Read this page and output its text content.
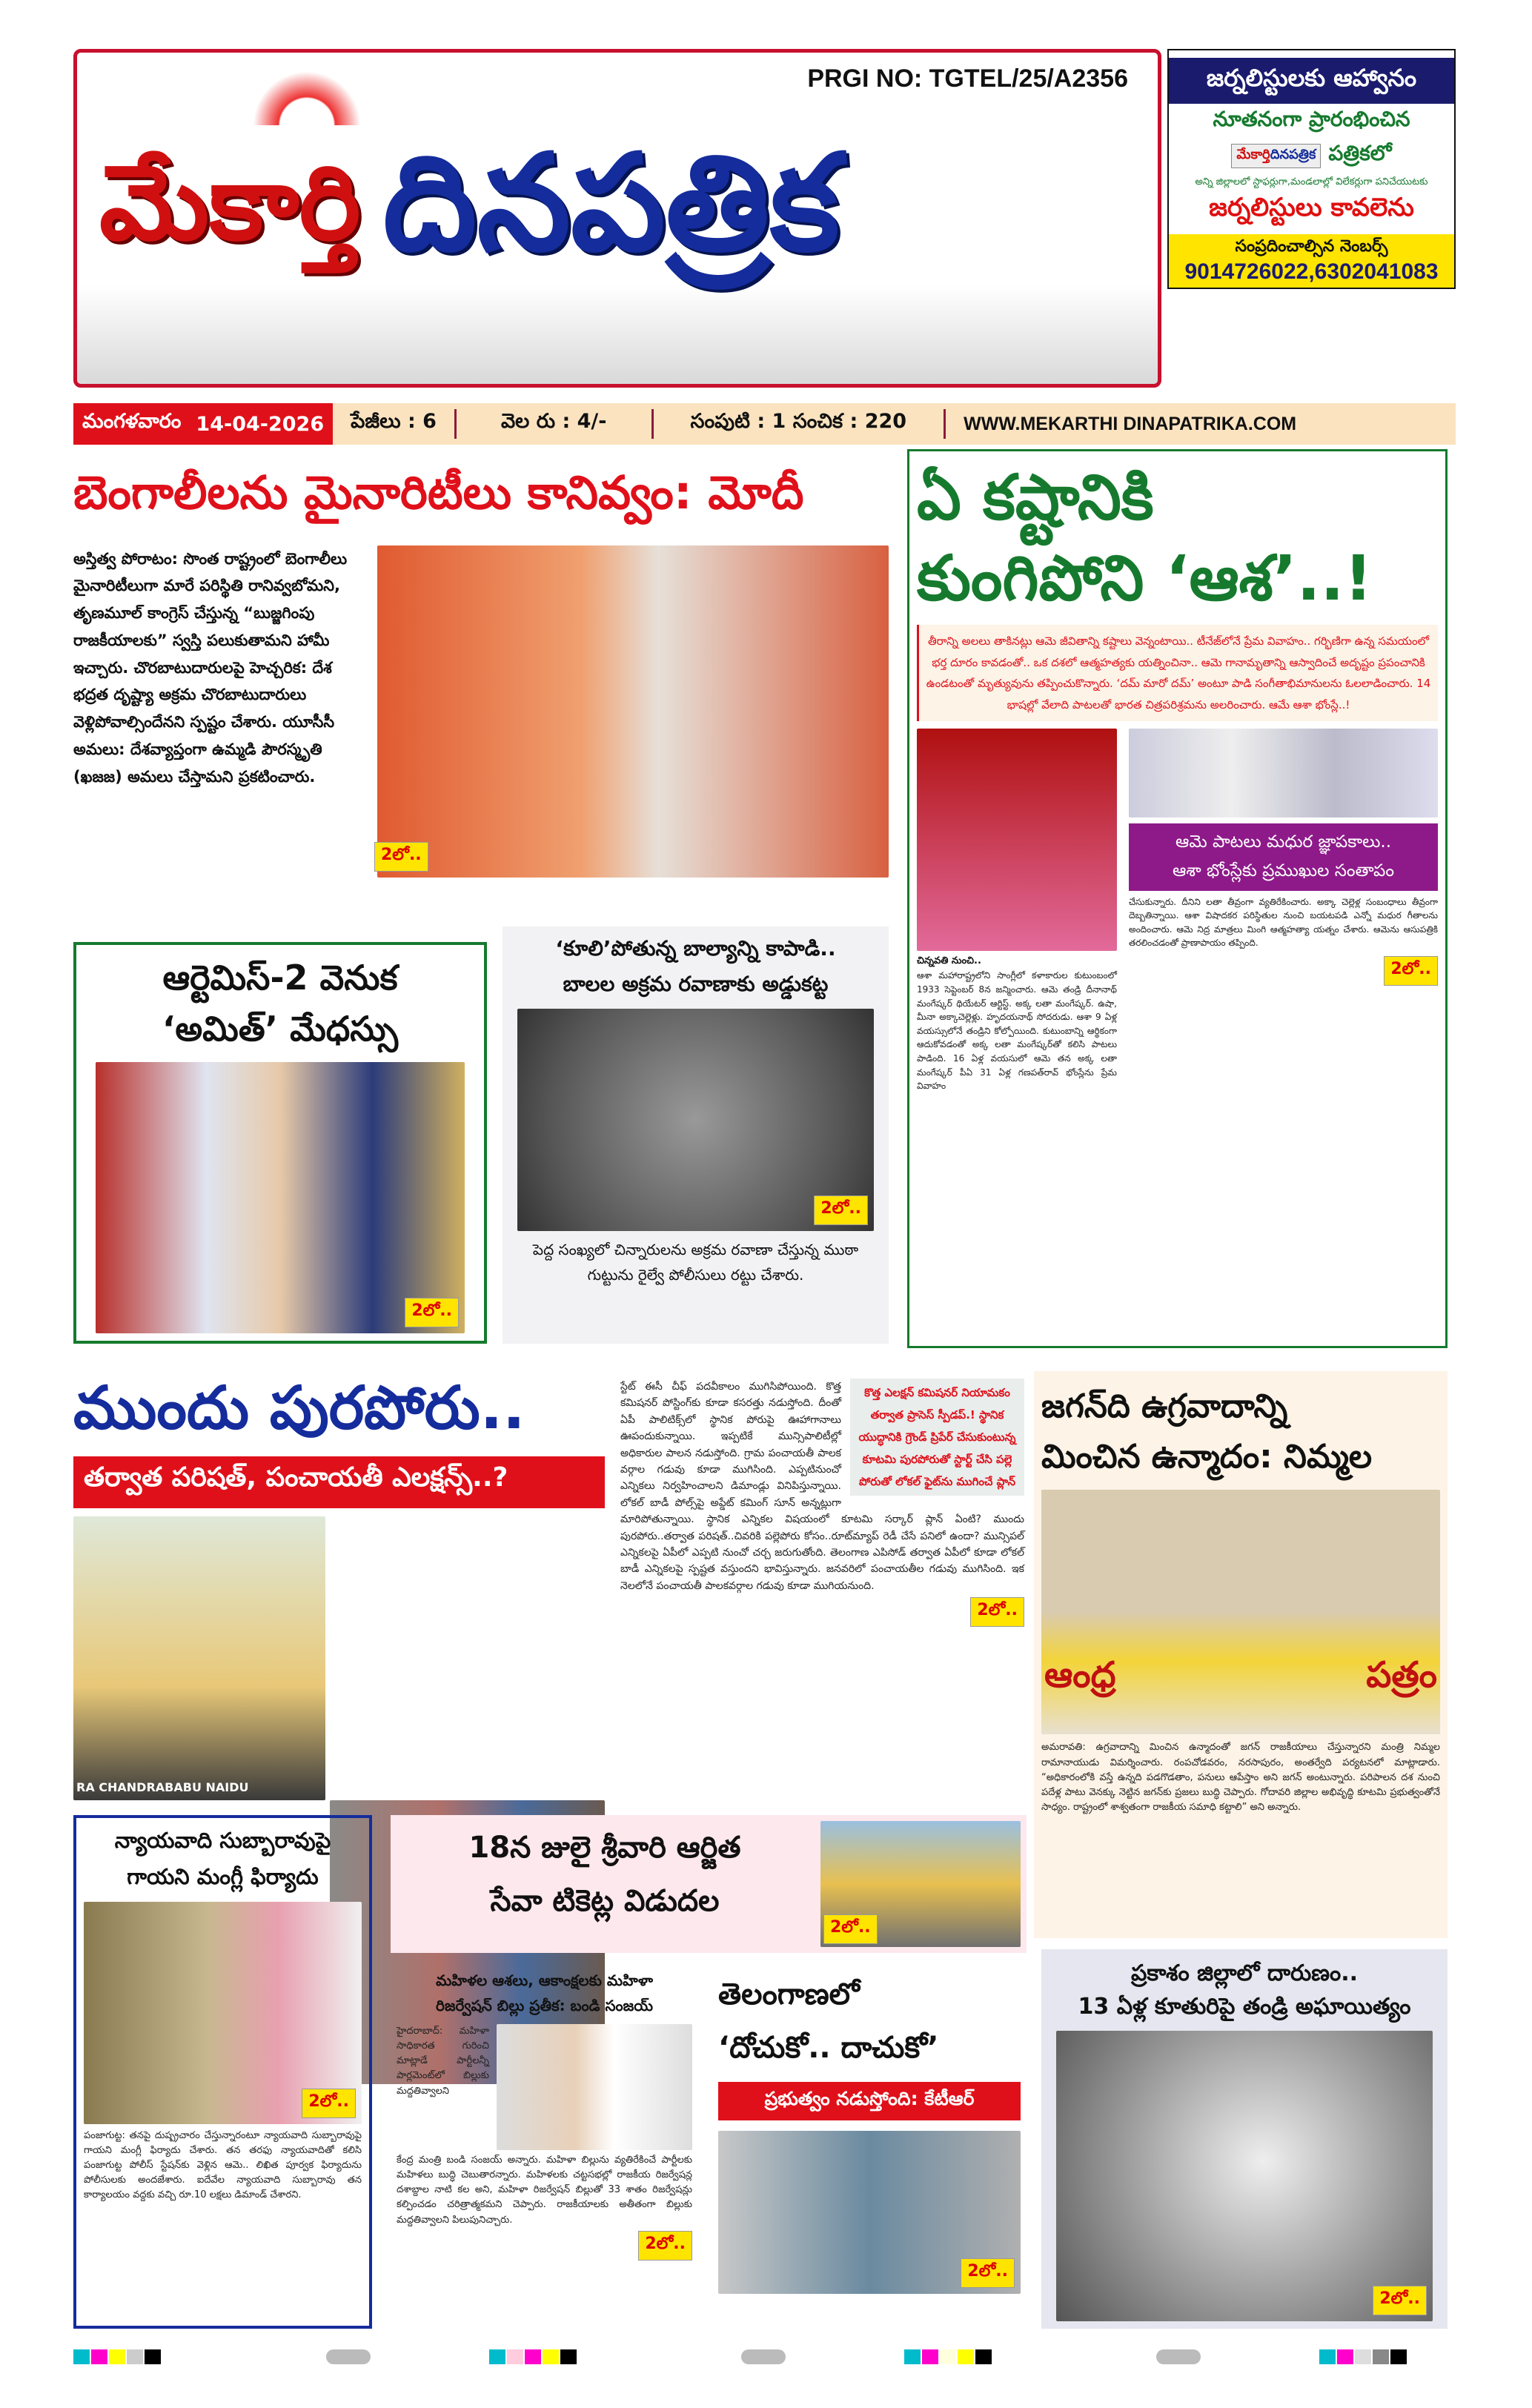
PRGI NO: TGTEL/25/A2356
మేకార్తి దినపత్రిక
జర్నలిస్టులకు ఆహ్వానం
నూతనంగా ప్రారంభించిన
మేకార్తిదినపత్రిక పత్రికలో
అన్ని జిల్లాలలో స్టాఫర్లుగా,మండలాల్లో విలేకర్లుగా పనిచేయుటకు
జర్నలిస్టులు కావలెను
సంప్రదించాల్సిన నెంబర్స్
9014726022,6302041083
మంగళవారం 14-04-2026	పేజీలు : 6	వెల రు : 4/-	సంపుటి : 1 సంచిక : 220	WWW.MEKARTHI DINAPATRIKA.COM
బెంగాలీలను మైనారిటీలు కానివ్వం: మోదీ
అస్తిత్వ పోరాటం: సొంత రాష్ట్రంలో బెంగాలీలు మైనారిటీలుగా మారే పరిస్థితి రానివ్వబోమని, తృణమూల్ కాంగ్రెస్ చేస్తున్న “బుజ్జగింపు రాజకీయాలకు” స్వస్తి పలుకుతామని హామీ ఇచ్చారు. చొరబాటుదారులపై హెచ్చరిక: దేశ భద్రత దృష్ట్యా అక్రమ చొరబాటుదారులు వెళ్లిపోవాల్సిందేనని స్పష్టం చేశారు. యూసీసీ అమలు: దేశవ్యాప్తంగా ఉమ్మడి పౌరస్మృతి (ఖజజ) అమలు చేస్తామని ప్రకటించారు.
2లో..
ఏ కష్టానికి
కుంగిపోని ‘ఆశ’..!
తీరాన్ని అలలు తాకినట్లు ఆమె జీవితాన్ని కష్టాలు వెన్నంటాయి.. టీనేజ్‌లోనే ప్రేమ వివాహం.. గర్భిణిగా ఉన్న సమయంలో భర్త దూరం కావడంతో.. ఒక దశలో ఆత్మహత్యకు యత్నించినా.. ఆమె గానామృతాన్ని ఆస్వాదించే అదృష్టం ప్రపంచానికి ఉండటంతో మృత్యువును తప్పించుకొన్నారు. ‘దమ్ మారో దమ్’ అంటూ పాడి సంగీతాభిమానులను ఓలలాడించారు. 14 భాషల్లో వేలాది పాటలతో భారత చిత్రపరిశ్రమను అలరించారు. ఆమే ఆశా భోంస్లే..!
చిన్నవతి నుంచి..
ఆశా మహారాష్ట్రలోని సాంగ్లీలో కళాకారుల కుటుంబంలో 1933 సెప్టెంబర్ 8న జన్మించారు. ఆమె తండ్రి దీనానాథ్ మంగేష్కర్ థియేటర్ ఆర్టిస్ట్. అక్క లతా మంగేష్కర్. ఉషా, మీనా అక్కాచెల్లెళ్లు. హృదయనాథ్ సోదరుడు. ఆశా 9 ఏళ్ల వయస్సులోనే తండ్రిని కోల్పోయింది. కుటుంబాన్ని ఆర్థికంగా ఆదుకోవడంతో అక్క లతా మంగేష్కర్‌తో కలిసి పాటలు పాడింది. 16 ఏళ్ల వయసులో ఆమె తన అక్క లతా మంగేష్కర్ పీఏ 31 ఏళ్ల గణపత్‌రావ్ భోంస్లేను ప్రేమ వివాహం
ఆమె పాటలు మధుర జ్ఞాపకాలు..
ఆశా భోంస్లేకు ప్రముఖుల సంతాపం
చేసుకున్నారు. దీనిని లతా తీవ్రంగా వ్యతిరేకించారు. అక్కా చెల్లెళ్ల సంబంధాలు తీవ్రంగా దెబ్బతిన్నాయి. ఆశా విషాదకర పరిస్థితుల నుంచి బయటపడి ఎన్నో మధుర గీతాలను అందించారు. ఆమె నిద్ర మాత్రలు మింగి ఆత్మహత్యా యత్నం చేశారు. ఆమెను ఆసుపత్రికి తరలించడంతో ప్రాణాపాయం తప్పింది.
2లో..
ఆర్టెమిస్-2 వెనుక
‘అమిత్’ మేధస్సు
2లో..
‘కూలి’పోతున్న బాల్యాన్ని కాపాడి..
బాలల అక్రమ రవాణాకు అడ్డుకట్ట
2లో..
పెద్ద సంఖ్యలో చిన్నారులను అక్రమ రవాణా చేస్తున్న ముఠా గుట్టును రైల్వే పోలీసులు రట్టు చేశారు.
ముందు పురపోరు..
తర్వాత పరిషత్, పంచాయతీ ఎలక్షన్స్..?
RA CHANDRABABU NAIDU
కొత్త ఎలక్షన్ కమిషనర్ నియామకం తర్వాత ప్రాసెస్ స్పీడప్.! స్థానిక యుద్ధానికి గ్రౌండ్ ప్రిపేర్ చేసుకుంటున్న కూటమి పురపోరుతో స్టార్ట్ చేసి పల్లె పోరుతో లోకల్ ఫైట్‌ను ముగించే ప్లాన్
స్టేట్ ఈసీ చీఫ్ పదవీకాలం ముగిసిపోయింది. కొత్త కమిషనర్ పోస్టింగ్‌కు కూడా కసరత్తు నడుస్తోంది. దీంతో ఏపీ పాలిటిక్స్‌లో స్థానిక పోరుపై ఊహాగానాలు ఊపందుకున్నాయి. ఇప్పటికే మున్సిపాలిటీల్లో అధికారుల పాలన నడుస్తోంది. గ్రామ పంచాయతీ పాలక వర్గాల గడువు కూడా ముగిసింది. ఎప్పటినుంచో ఎన్నికలు నిర్వహించాలని డిమాండ్లు వినిపిస్తున్నాయి. లోకల్ బాడీ పోల్స్‌పై అప్డేట్ కమింగ్ సూన్ అన్నట్లుగా మారిపోతున్నాయి. స్థానిక ఎన్నికల విషయంలో కూటమి సర్కార్ ప్లాన్ ఏంటి? ముందు పురపోరు..తర్వాత పరిషత్..చివరికి పల్లెపోరు కోసం..రూట్‌మ్యాప్ రెడీ చేసే పనిలో ఉందా? మున్సిపల్ ఎన్నికలపై ఏపీలో ఎప్పటి నుంచో చర్చ జరుగుతోంది. తెలంగాణ ఎపిసోడ్ తర్వాత ఏపీలో కూడా లోకల్ బాడీ ఎన్నికలపై స్పష్టత వస్తుందని భావిస్తున్నారు. జనవరిలో పంచాయతీల గడువు ముగిసింది. ఇక నెలలోనే పంచాయతీ పాలకవర్గాల గడువు కూడా ముగియనుంది.
2లో..
జగన్‌ది ఉగ్రవాదాన్ని
మించిన ఉన్మాదం: నిమ్మల
ఆంధ్ర	పత్రం
అమరావతి: ఉగ్రవాదాన్ని మించిన ఉన్మాదంతో జగన్ రాజకీయాలు చేస్తున్నారని మంత్రి నిమ్మల రామానాయుడు విమర్శించారు. రంపచోడవరం, నరసాపురం, అంతర్వేది పర్యటనలో మాట్లాడారు. “అధికారంలోకి వస్తే ఉన్నది పడగొడతాం, పనులు ఆపేస్తాం అని జగన్ అంటున్నారు. పరిపాలన దశ నుంచి పదేళ్ల పాటు వెనక్కు నెట్టిన జగన్‌కు ప్రజలు బుద్ధి చెప్పారు. గోదావరి జిల్లాల అభివృద్ధి కూటమి ప్రభుత్వంతోనే సాధ్యం. రాష్ట్రంలో శాశ్వతంగా రాజకీయ సమాధి కట్టాలి” అని అన్నారు.
న్యాయవాది సుబ్బారావుపై
గాయని మంగ్లీ ఫిర్యాదు
2లో..
పంజాగుట్ట: తనపై దుష్ప్రచారం చేస్తున్నారంటూ న్యాయవాది సుబ్బారావుపై గాయని మంగ్లీ ఫిర్యాదు చేశారు. తన తరఫు న్యాయవాదితో కలిసి పంజాగుట్ట పోలీస్ స్టేషన్‌కు వెళ్లిన ఆమె.. లిఖిత పూర్వక ఫిర్యాదును పోలీసులకు అందజేశారు. ఐదేవేల న్యాయవాది సుబ్బారావు తన కార్యాలయం వద్దకు వచ్చి రూ.10 లక్షలు డిమాండ్ చేశారని.
18న జులై శ్రీవారి ఆర్జిత
సేవా టికెట్ల విడుదల
2లో..
మహిళల ఆశలు, ఆకాంక్షలకు మహిళా
రిజర్వేషన్ బిల్లు ప్రతీక: బండి సంజయ్
హైదరాబాద్: మహిళా సాధికారత గురించి మాట్లాడే పార్టీలన్నీ పార్లమెంట్‌లో బిల్లుకు మద్దతివ్వాలని
కేంద్ర మంత్రి బండి సంజయ్ అన్నారు. మహిళా బిల్లును వ్యతిరేకించే పార్టీలకు మహిళలు బుద్ధి చెబుతారన్నారు. మహిళలకు చట్టసభల్లో రాజకీయ రిజర్వేషన్ల దశాబ్దాల నాటి కల అని, మహిళా రిజర్వేషన్ బిల్లుతో 33 శాతం రిజర్వేషన్లు కల్పించడం చరిత్రాత్మకమని చెప్పారు. రాజకీయాలకు అతీతంగా బిల్లుకు మద్దతివ్వాలని పిలుపునిచ్చారు.
2లో..
తెలంగాణలో
‘దోచుకో.. దాచుకో’
ప్రభుత్వం నడుస్తోంది: కేటీఆర్
2లో..
ప్రకాశం జిల్లాలో దారుణం..
13 ఏళ్ల కూతురిపై తండ్రి అఘాయిత్యం
2లో..
